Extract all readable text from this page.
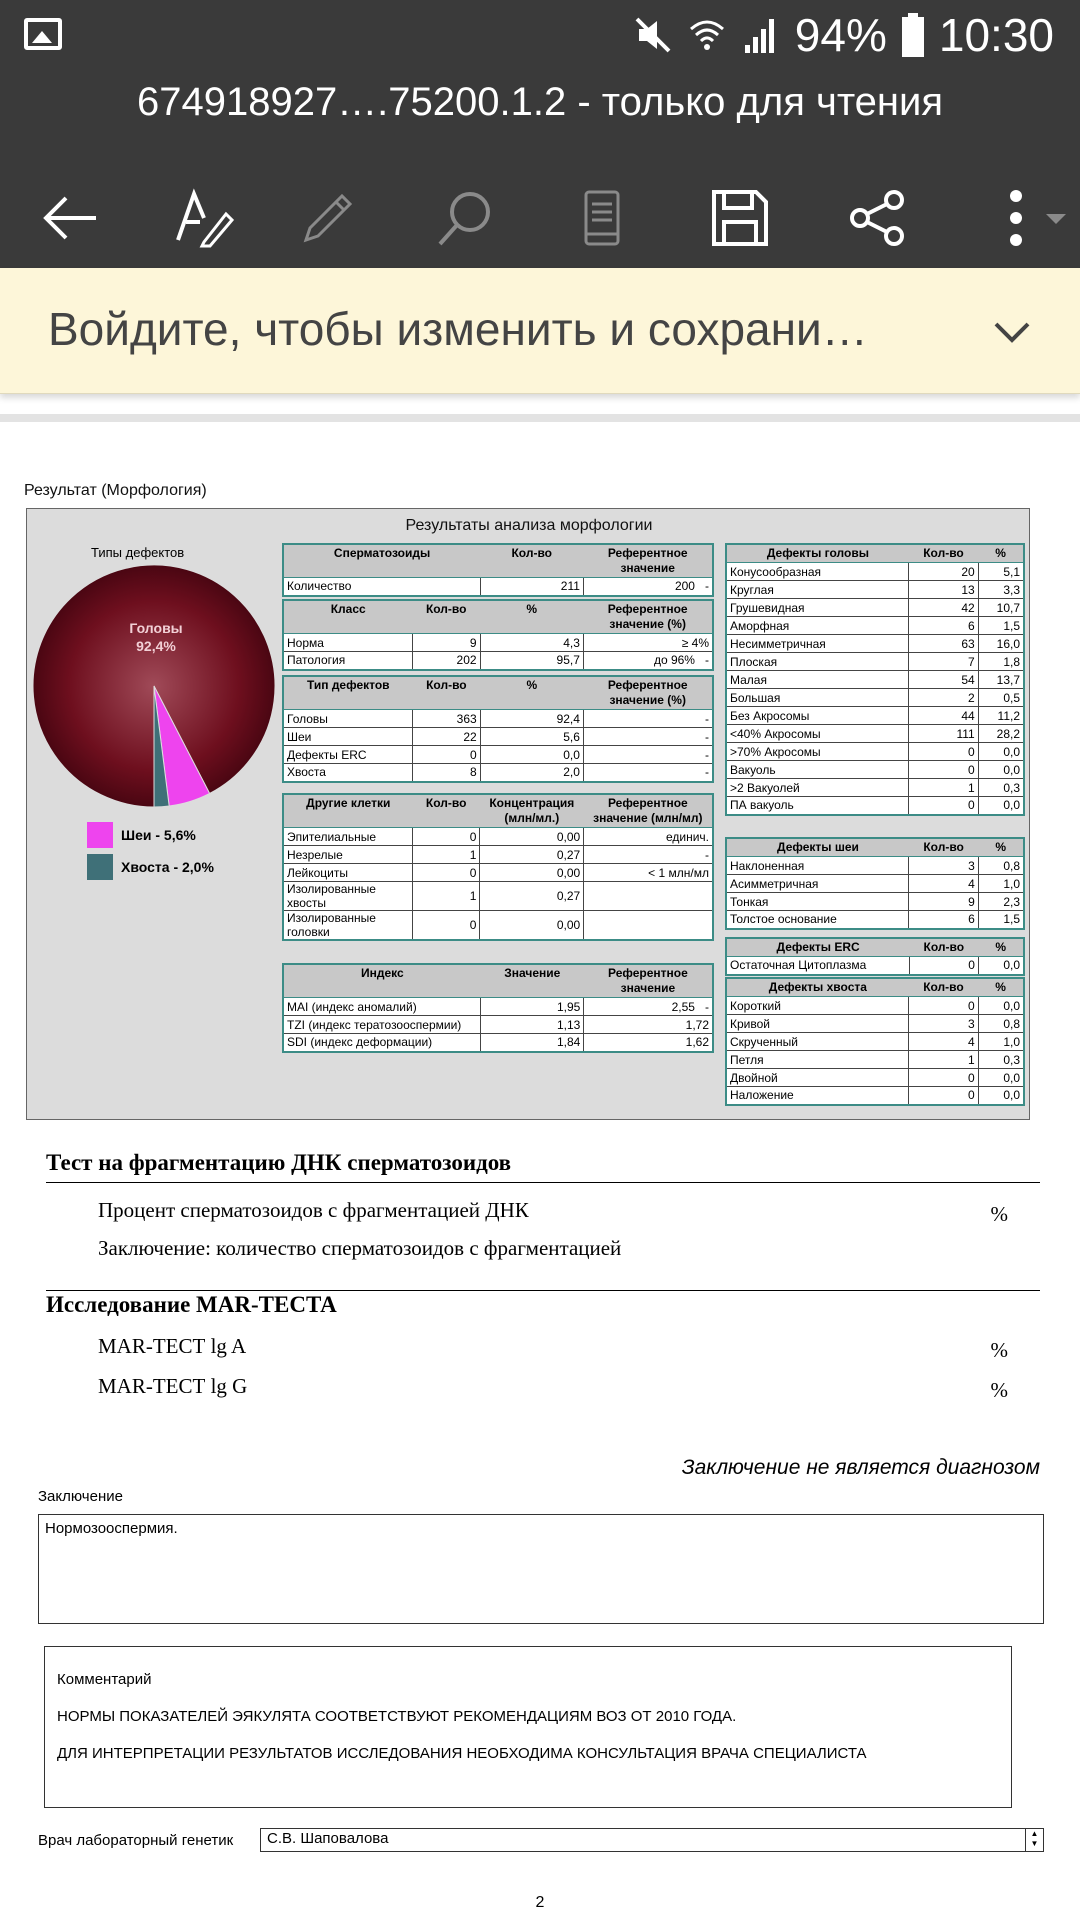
94% 10:30
674918927….75200.1.2 - только для чтения
Войдите, чтобы изменить и сохрани…
Результат (Морфология)
Результаты анализа морфологии
Типы дефектов
Головы
92,4%
Шеи - 5,6%
Хвоста - 2,0%
Сперматозоиды	Кол-во	Референтное значение
Количество	211	200 -
Класс	Кол-во	%	Референтное значение (%)
Норма	9	4,3	≥ 4%
Патология	202	95,7	до 96% -
Тип дефектов	Кол-во	%	Референтное значение (%)
Головы	363	92,4	-
Шеи	22	5,6	-
Дефекты ERC	0	0,0	-
Хвоста	8	2,0	-
Другие клетки	Кол-во	Концентрация (млн/мл.)	Референтное значение (млн/мл)
Эпителиальные	0	0,00	единич.
Незрелые	1	0,27	-
Лейкоциты	0	0,00	< 1 млн/мл
Изолированные хвосты	1	0,27	
Изолированные головки	0	0,00	
Индекс	Значение	Референтное значение
MAI (индекс аномалий)	1,95	2,55 -
TZI (индекс тератозооспермии)	1,13	1,72
SDI (индекс деформации)	1,84	1,62
Дефекты головы	Кол-во	%
Конусообразная	20	5,1
Круглая	13	3,3
Грушевидная	42	10,7
Аморфная	6	1,5
Несимметричная	63	16,0
Плоская	7	1,8
Малая	54	13,7
Большая	2	0,5
Без Акросомы	44	11,2
<40% Акросомы	111	28,2
>70% Акросомы	0	0,0
Вакуоль	0	0,0
>2 Вакуолей	1	0,3
ПА вакуоль	0	0,0
Дефекты шеи	Кол-во	%
Наклоненная	3	0,8
Асимметричная	4	1,0
Тонкая	9	2,3
Толстое основание	6	1,5
Дефекты ERC	Кол-во	%
Остаточная Цитоплазма	0	0,0
Дефекты хвоста	Кол-во	%
Короткий	0	0,0
Кривой	3	0,8
Скрученный	4	1,0
Петля	1	0,3
Двойной	0	0,0
Наложение	0	0,0
Тест на фрагментацию ДНК сперматозоидов
Процент сперматозоидов с фрагментацией ДНК	%
Заключение: количество сперматозоидов с фрагментацией
Исследование MAR-ТЕСТА
MAR-ТЕСТ lg A	%
MAR-ТЕСТ lg G	%
Заключение не является диагнозом
Заключение
Нормозооспермия.
Комментарий
НОРМЫ ПОКАЗАТЕЛЕЙ ЭЯКУЛЯТА СООТВЕТСТВУЮТ РЕКОМЕНДАЦИЯМ ВОЗ ОТ 2010 ГОДА.
ДЛЯ ИНТЕРПРЕТАЦИИ РЕЗУЛЬТАТОВ ИССЛЕДОВАНИЯ НЕОБХОДИМА КОНСУЛЬТАЦИЯ ВРАЧА СПЕЦИАЛИСТА
Врач лабораторный генетик	С.В. Шаповалова	▲
▼
2
